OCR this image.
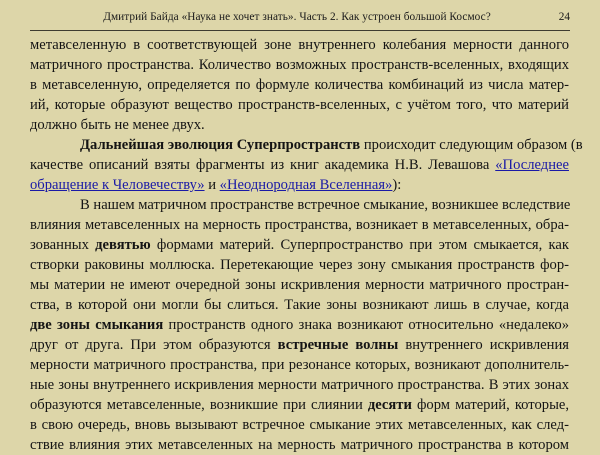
Дмитрий Байда «Наука не хочет знать». Часть 2. Как устроен большой Космос?	24
метавселенную в соответствующей зоне внутреннего колебания мерности данного
матричного пространства. Количество возможных пространств-вселенных, входящих
в метавселенную, определяется по формуле количества комбинаций из числа матер-
ий, которые образуют вещество пространств-вселенных, с учётом того, что материй
должно быть не менее двух.
Дальнейшая эволюция Суперпространств происходит следующим образом (в
качестве описаний взяты фрагменты из книг академика Н.В. Левашова «Последнее
обращение к Человечеству» и «Неоднородная Вселенная»):
В нашем матричном пространстве встречное смыкание, возникшее вследствие
влияния метавселенных на мерность пространства, возникает в метавселенных, обра-
зованных девятью формами материй. Суперпространство при этом смыкается, как
створки раковины моллюска. Перетекающие через зону смыкания пространств фор-
мы материи не имеют очередной зоны искривления мерности матричного простран-
ства, в которой они могли бы слиться. Такие зоны возникают лишь в случае, когда
две зоны смыкания пространств одного знака возникают относительно «недалеко»
друг от друга. При этом образуются встречные волны внутреннего искривления
мерности матричного пространства, при резонансе которых, возникают дополнитель-
ные зоны внутреннего искривления мерности матричного пространства. В этих зонах
образуются метавселенные, возникшие при слиянии десяти форм материй, которые,
в свою очередь, вновь вызывают встречное смыкание этих метавселенных, как след-
ствие влияния этих метавселенных на мерность матричного пространства в котором
